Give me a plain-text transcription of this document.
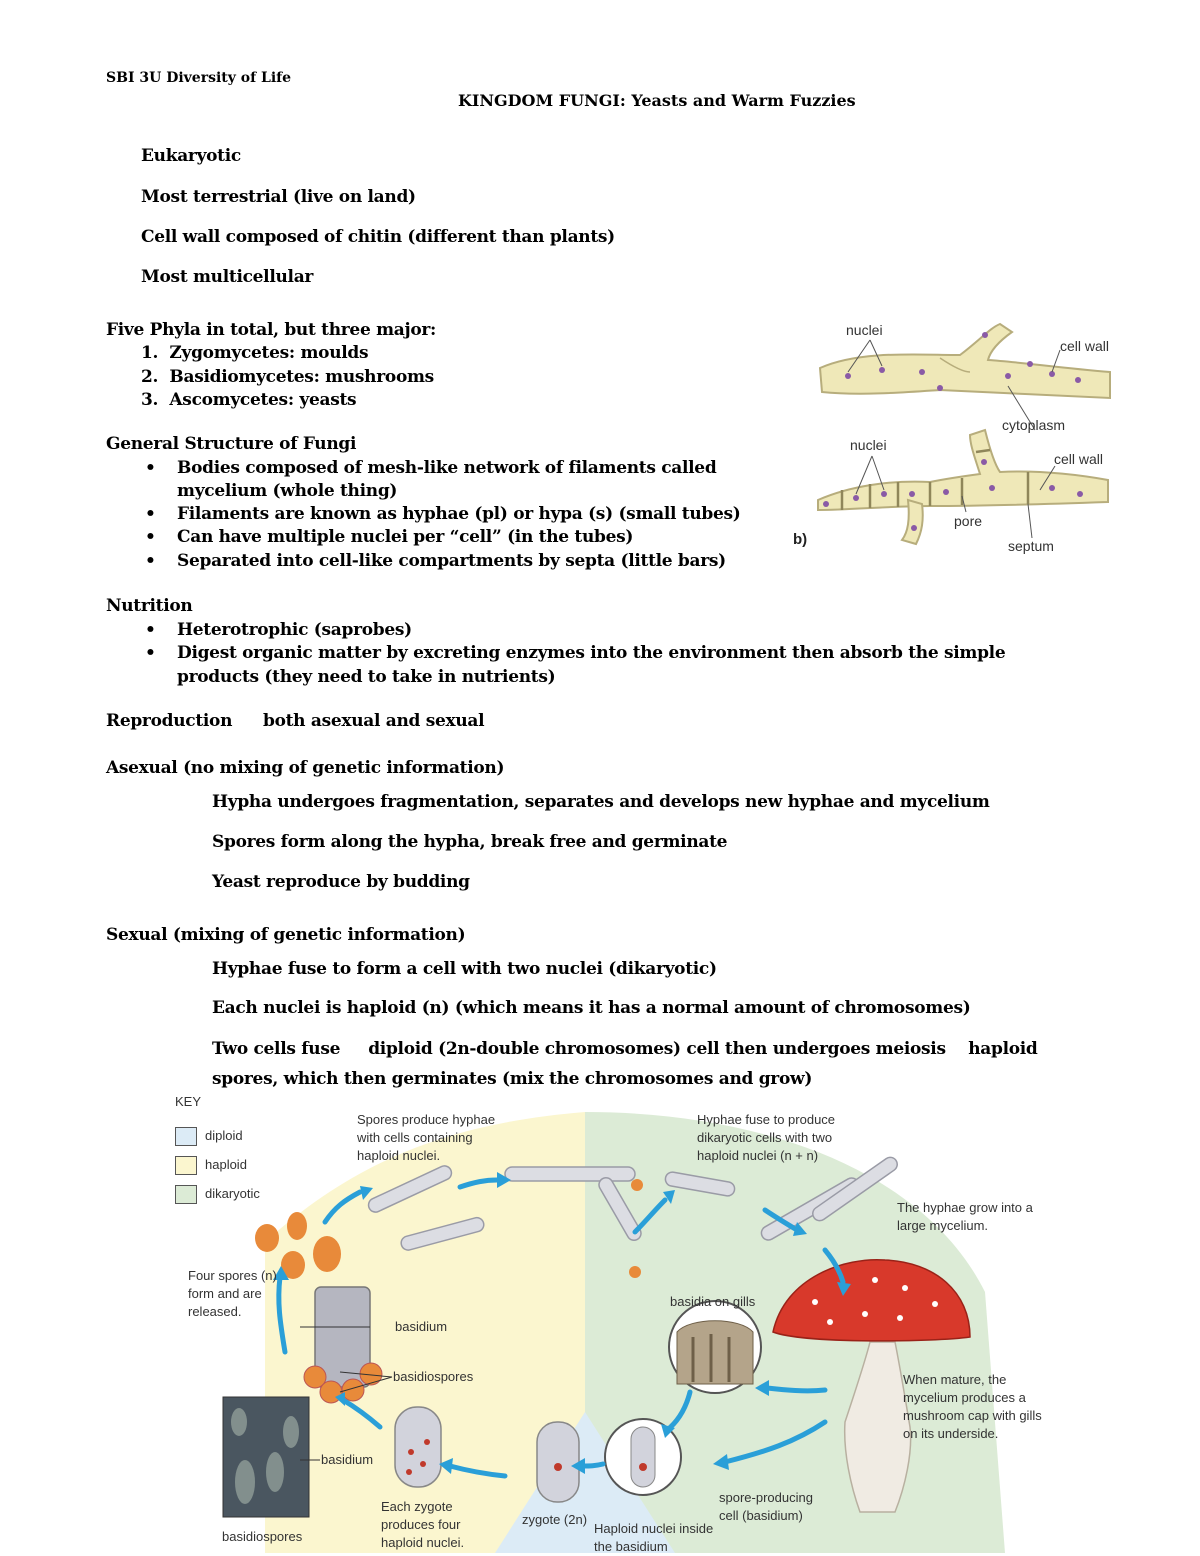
SBI 3U Diversity of Life
KINGDOM FUNGI: Yeasts and Warm Fuzzies
Eukaryotic
Most terrestrial (live on land)
Cell wall composed of chitin (different than plants)
Most multicellular
Five Phyla in total, but three major:
1. Zygomycetes: moulds
2. Basidiomycetes: mushrooms
3. Ascomycetes: yeasts
General Structure of Fungi
• Bodies composed of mesh-like network of filaments called
mycelium (whole thing)
• Filaments are known as hyphae (pl) or hypa (s) (small tubes)
• Can have multiple nuclei per “cell” (in the tubes)
• Separated into cell-like compartments by septa (little bars)
Nutrition
• Heterotrophic (saprobes)
• Digest organic matter by excreting enzymes into the environment then absorb the simple
products (they need to take in nutrients)
Reproduction both asexual and sexual
Asexual (no mixing of genetic information)
Hypha undergoes fragmentation, separates and develops new hyphae and mycelium
Spores form along the hypha, break free and germinate
Yeast reproduce by budding
Sexual (mixing of genetic information)
Hyphae fuse to form a cell with two nuclei (dikaryotic)
Each nuclei is haploid (n) (which means it has a normal amount of chromosomes)
Two cells fuse     diploid (2n-double chromosomes) cell then undergoes meiosis    haploid
spores, which then germinates (mix the chromosomes and grow)
nuclei
cell wall
cytoplasm
nuclei
cell wall
pore
septum
b)
KEY
diploid
haploid
dikaryotic
Spores produce hyphae with cells containing haploid nuclei.
Hyphae fuse to produce dikaryotic cells with two haploid nuclei (n + n)
The hyphae grow into a large mycelium.
Four spores (n) form and are released.
basidia on gills
When mature, the mycelium produces a mushroom cap with gills on its underside.
basidium
basidiospores
basidium
basidiospores
Each zygote produces four haploid nuclei.
zygote (2n)
Haploid nuclei inside the basidium
spore-producing cell (basidium)
